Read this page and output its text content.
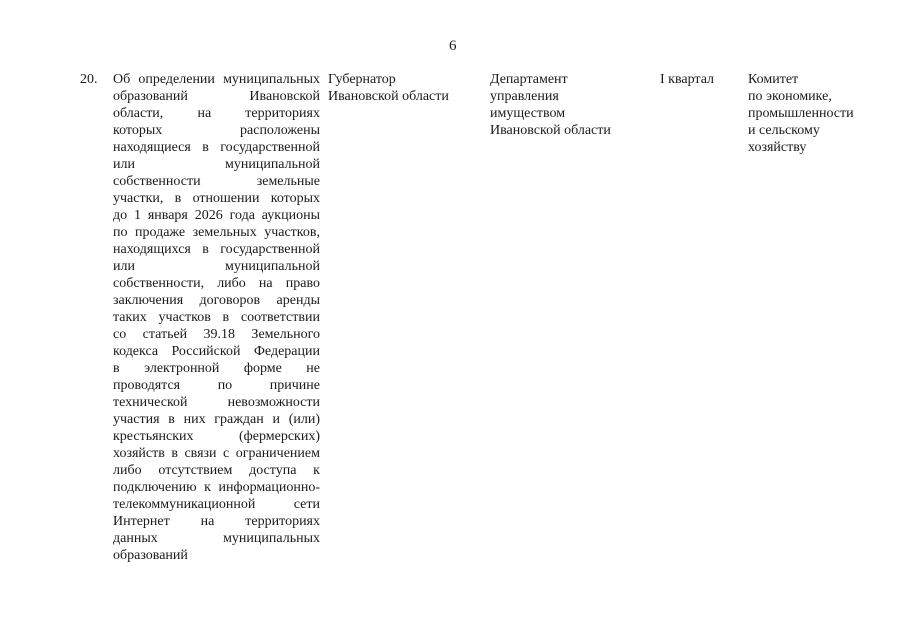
6
20. Об определении муниципальных
образований Ивановской
области, на территориях
которых расположены
находящиеся в государственной
или муниципальной
собственности земельные
участки, в отношении которых
до 1 января 2026 года аукционы
по продаже земельных участков,
находящихся в государственной
или муниципальной
собственности, либо на право
заключения договоров аренды
таких участков в соответствии
со статьей 39.18 Земельного
кодекса Российской Федерации
в электронной форме не
проводятся по причине
технической невозможности
участия в них граждан и (или)
крестьянских (фермерских)
хозяйств в связи с ограничением
либо отсутствием доступа к
подключению к информационно-
телекоммуникационной сети
Интернет на территориях
данных муниципальных
образований
Губернатор
Ивановской области
Департамент
управления
имуществом
Ивановской области
I квартал	Комитет
по экономике,
промышленности
и сельскому
хозяйству
